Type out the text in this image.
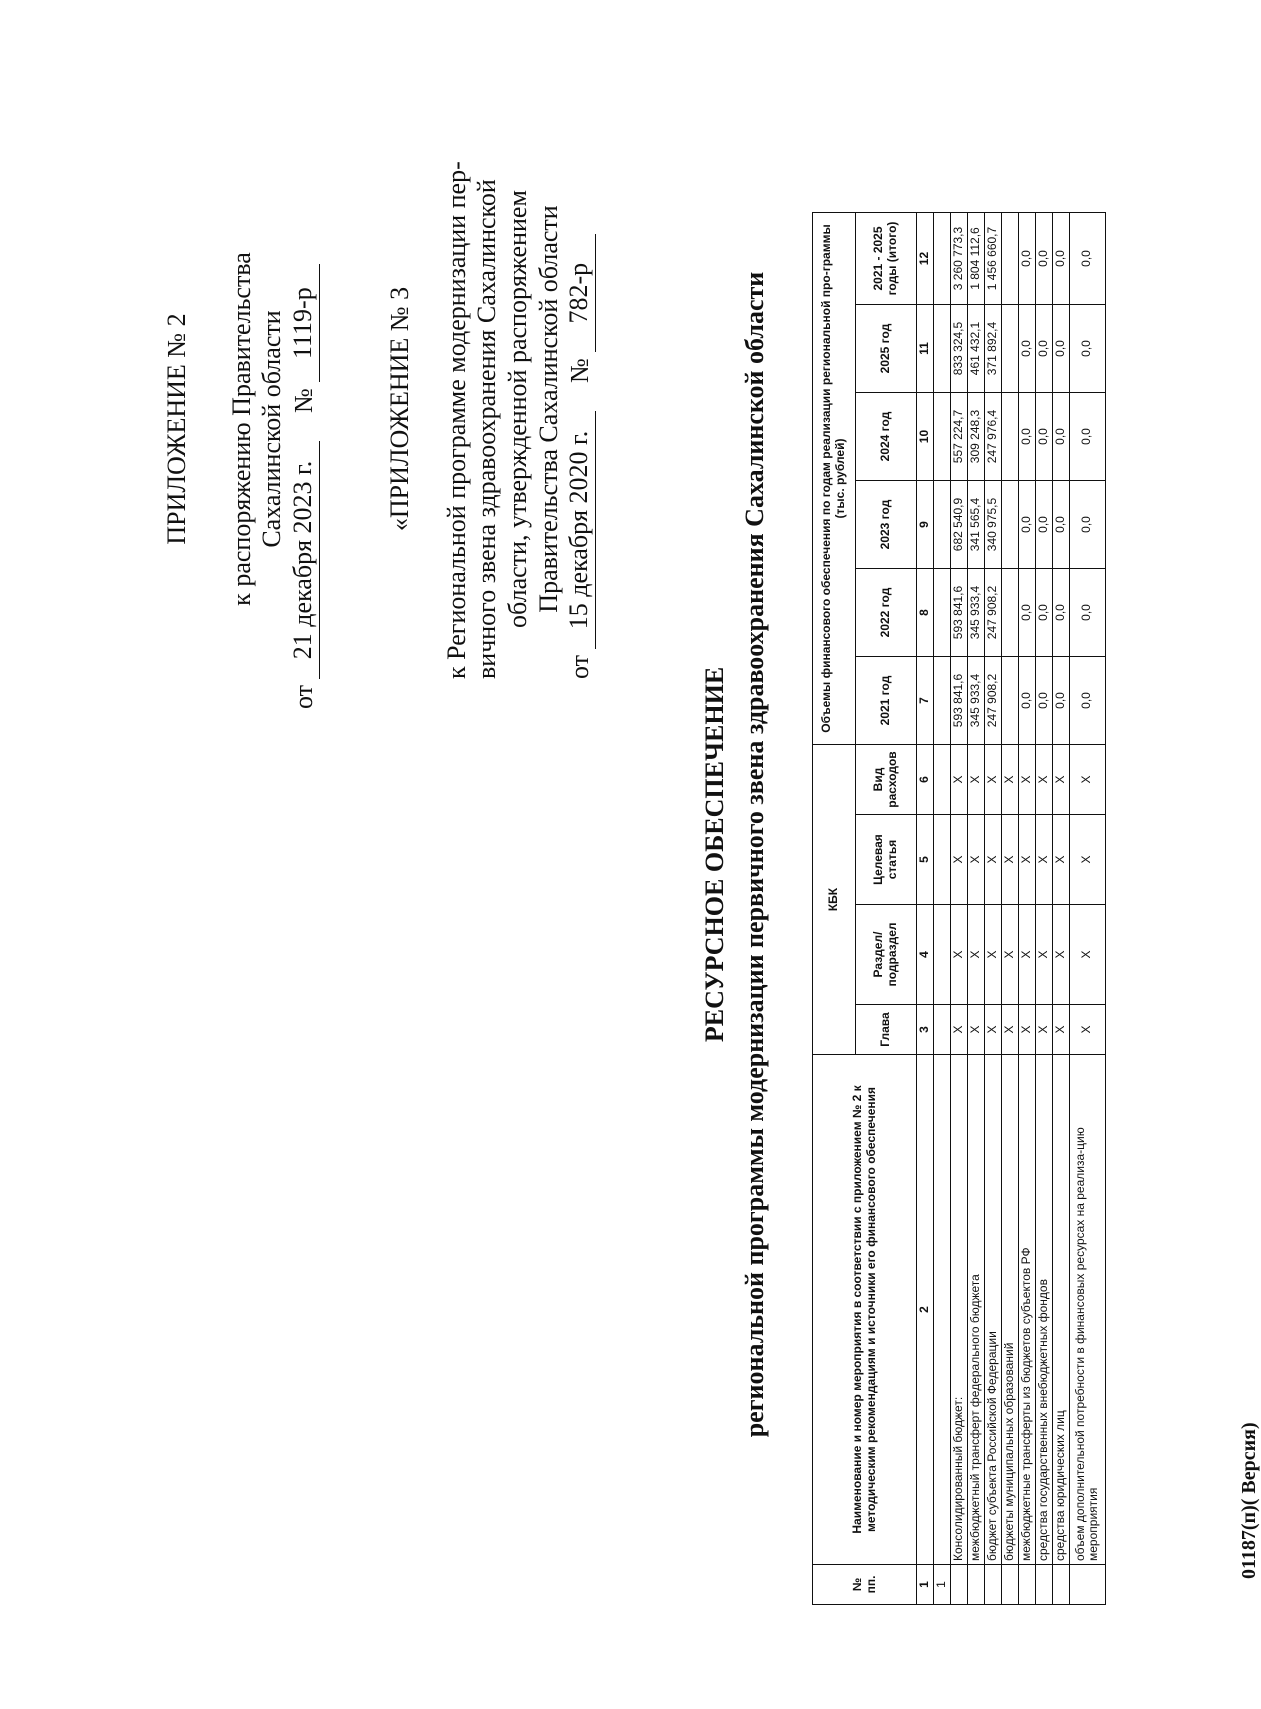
ПРИЛОЖЕНИЕ № 2 к распоряжению Правительства Сахалинской области
от
21 декабря 2023 г.
№
1119-р	«ПРИЛОЖЕНИЕ № 3 к Региональной программе модернизации пер- вичного звена здравоохранения Сахалинской области, утвержденной распоряжением Правительства Сахалинской области
от
15 декабря 2020 г.
№
782-р
РЕСУРСНОЕ ОБЕСПЕЧЕНИЕ региональной программы модернизации первичного звена здравоохранения Сахалинской области
№ пп.	Наименование и номер мероприятия в соответствии с приложением № 2 к методическим рекомендациям и источники его финансового обеспечения	КБК				Объемы финансового обеспечения по годам реализации региональной про-граммы (тыс. рублей)					
		Глава	Раздел/ подраздел	Целевая статья	Вид расходов	2021 год	2022 год	2023 год	2024 год	2025 год	2021 - 2025 годы (итого)
1	2	3	4	5	6	7	8	9	10	11	12
1											
	Консолидированный бюджет:	X	X	X	X	593 841,6	593 841,6	682 540,9	557 224,7	833 324,5	3 260 773,3
	межбюджетный трансферт федерального бюджета	X	X	X	X	345 933,4	345 933,4	341 565,4	309 248,3	461 432,1	1 804 112,6
	бюджет субъекта Российской Федерации	X	X	X	X	247 908,2	247 908,2	340 975,5	247 976,4	371 892,4	1 456 660,7
	бюджеты муниципальных образований	X	X	X	X						
	межбюджетные трансферты из бюджетов субъектов РФ	X	X	X	X	0,0	0,0	0,0	0,0	0,0	0,0
	средства государственных внебюджетных фондов	X	X	X	X	0,0	0,0	0,0	0,0	0,0	0,0
	средства юридических лиц	X	X	X	X	0,0	0,0	0,0	0,0	0,0	0,0
	объем дополнительной потребности в финансовых ресурсах на реализа-цию мероприятия	X	X	X	X	0,0	0,0	0,0	0,0	0,0	0,0
01187(п)( Версия)
